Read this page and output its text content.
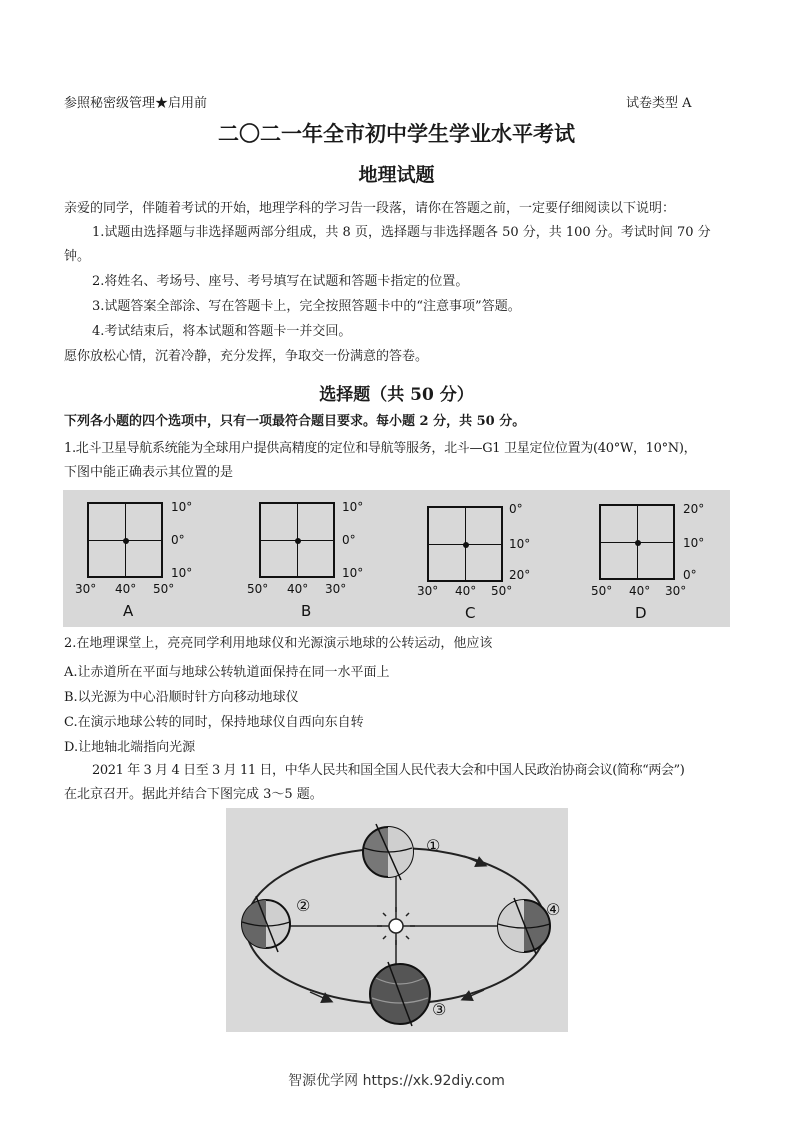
参照秘密级管理★启用前	试卷类型 A
二〇二一年全市初中学生学业水平考试
地理试题
亲爱的同学，伴随着考试的开始，地理学科的学习告一段落，请你在答题之前，一定要仔细阅读以下说明：
1.试题由选择题与非选择题两部分组成，共 8 页，选择题与非选择题各 50 分，共 100 分。考试时间 70 分
钟。
2.将姓名、考场号、座号、考号填写在试题和答题卡指定的位置。
3.试题答案全部涂、写在答题卡上，完全按照答题卡中的“注意事项”答题。
4.考试结束后，将本试题和答题卡一并交回。
愿你放松心情，沉着冷静，充分发挥，争取交一份满意的答卷。
选择题（共 50 分）
下列各小题的四个选项中，只有一项最符合题目要求。每小题 2 分，共 50 分。
1.北斗卫星导航系统能为全球用户提供高精度的定位和导航等服务，北斗—G1 卫星定位位置为(40°W，10°N)，
下图中能正确表示其位置的是
10°
0°
10°
30° 40° 50°
A
10°
0°
10°
50° 40° 30°
B
0°
10°
20°
30° 40° 50°
C
20°
10°
0°
50° 40° 30°
D
2.在地理课堂上，亮亮同学利用地球仪和光源演示地球的公转运动，他应该
A.让赤道所在平面与地球公转轨道面保持在同一水平面上
B.以光源为中心沿顺时针方向移动地球仪
C.在演示地球公转的同时，保持地球仪自西向东自转
D.让地轴北端指向光源
2021 年 3 月 4 日至 3 月 11 日，中华人民共和国全国人民代表大会和中国人民政治协商会议(简称“两会”)
在北京召开。据此并结合下图完成 3～5 题。
①
②
③
④
智源优学网 https://xk.92diy.com
